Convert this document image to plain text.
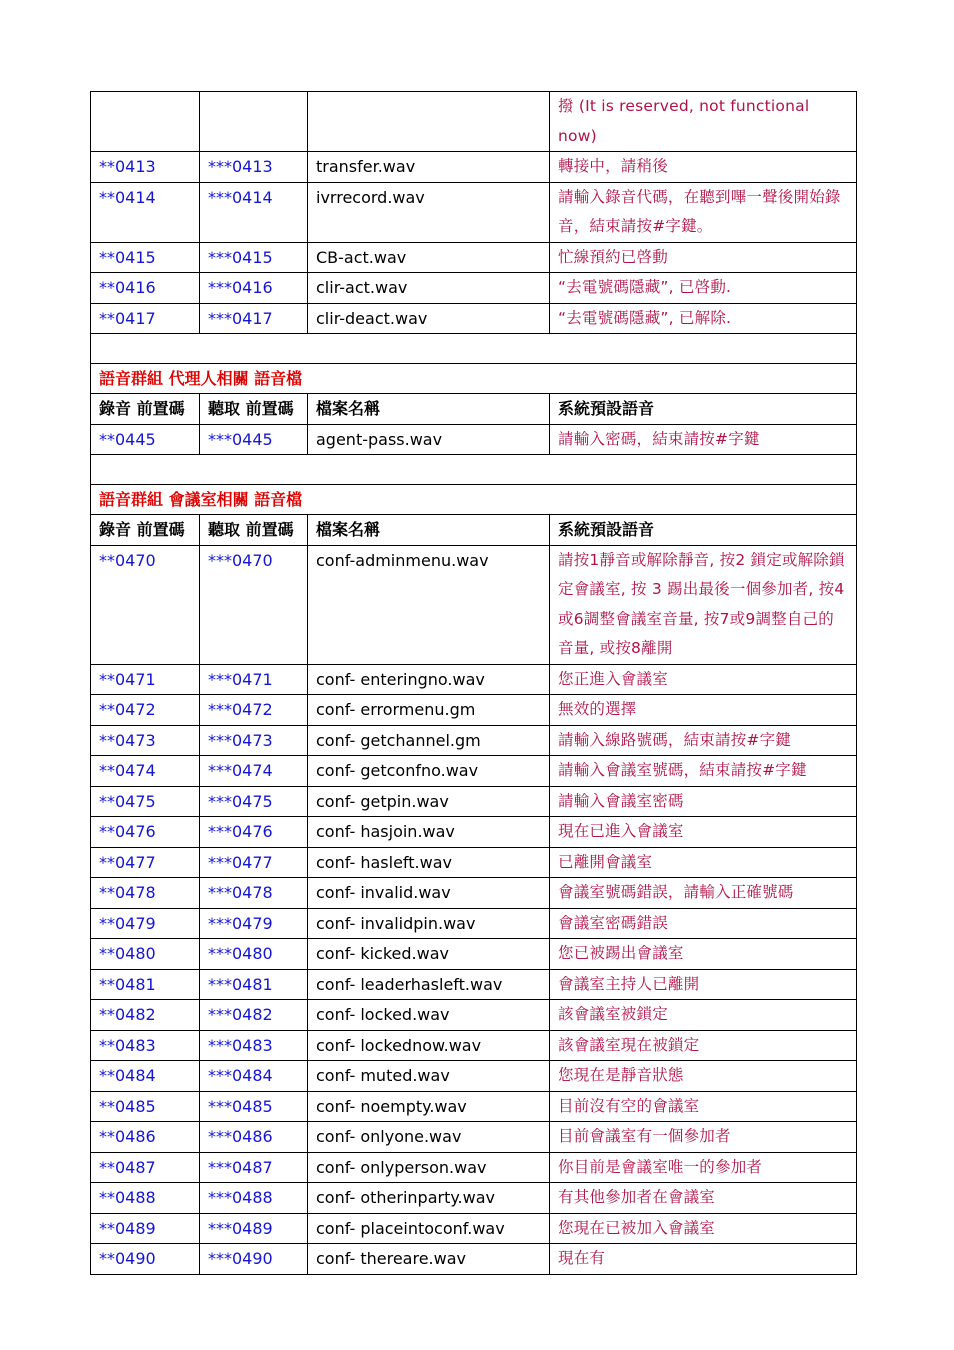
			撥 (It is reserved, not functional now)
**0413	***0413	transfer.wav	轉接中，請稍後
**0414	***0414	ivrrecord.wav	請輸入錄音代碼，在聽到嗶一聲後開始錄音，結束請按#字鍵。
**0415	***0415	CB-act.wav	忙線預約已啓動
**0416	***0416	clir-act.wav	“去電號碼隱藏”, 已啓動.
**0417	***0417	clir-deact.wav	“去電號碼隱藏”, 已解除.

語音群組 代理人相關 語音檔			
錄音 前置碼	聽取 前置碼	檔案名稱	系統預設語音
**0445	***0445	agent-pass.wav	請輸入密碼，結束請按#字鍵

語音群組 會議室相關 語音檔			
錄音 前置碼	聽取 前置碼	檔案名稱	系統預設語音
**0470	***0470	conf-adminmenu.wav	請按1靜音或解除靜音, 按2 鎖定或解除鎖定會議室, 按 3 踢出最後一個參加者, 按4或6調整會議室音量, 按7或9調整自己的音量, 或按8離開
**0471	***0471	conf- enteringno.wav	您正進入會議室
**0472	***0472	conf- errormenu.gm	無效的選擇
**0473	***0473	conf- getchannel.gm	請輸入線路號碼，結束請按#字鍵
**0474	***0474	conf- getconfno.wav	請輸入會議室號碼，結束請按#字鍵
**0475	***0475	conf- getpin.wav	請輸入會議室密碼
**0476	***0476	conf- hasjoin.wav	現在已進入會議室
**0477	***0477	conf- hasleft.wav	已離開會議室
**0478	***0478	conf- invalid.wav	會議室號碼錯誤，請輸入正確號碼
**0479	***0479	conf- invalidpin.wav	會議室密碼錯誤
**0480	***0480	conf- kicked.wav	您已被踢出會議室
**0481	***0481	conf- leaderhasleft.wav	會議室主持人已離開
**0482	***0482	conf- locked.wav	該會議室被鎖定
**0483	***0483	conf- lockednow.wav	該會議室現在被鎖定
**0484	***0484	conf- muted.wav	您現在是靜音狀態
**0485	***0485	conf- noempty.wav	目前沒有空的會議室
**0486	***0486	conf- onlyone.wav	目前會議室有一個參加者
**0487	***0487	conf- onlyperson.wav	你目前是會議室唯一的參加者
**0488	***0488	conf- otherinparty.wav	有其他參加者在會議室
**0489	***0489	conf- placeintoconf.wav	您現在已被加入會議室
**0490	***0490	conf- thereare.wav	現在有
